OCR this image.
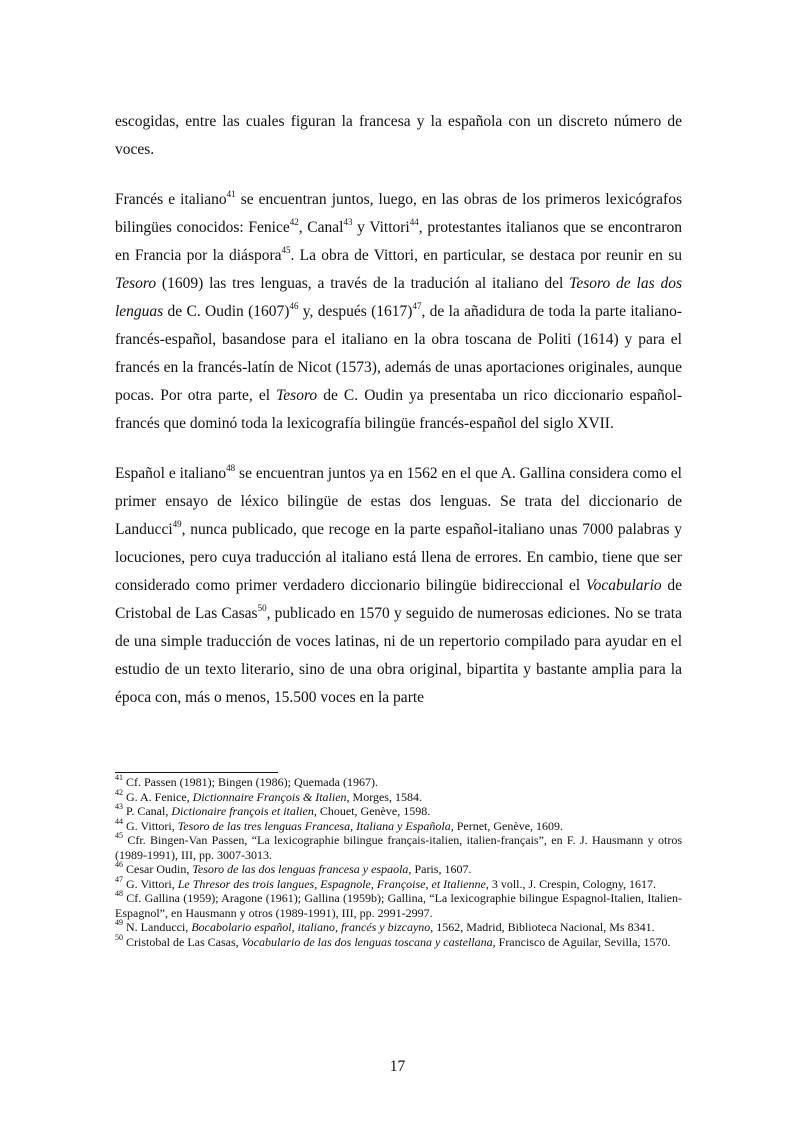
escogidas, entre las cuales figuran la francesa y la española con un discreto número de voces.

Francés e italiano$^{41}$ se encuentran juntos, luego, en las obras de los primeros lexicógrafos bilingües conocidos: Fenice$^{42}$, Canal$^{43}$ y Vittori$^{44}$, protestantes italianos que se encontraron en Francia por la diáspora$^{45}$. La obra de Vittori, en particular, se destaca por reunir en su Tesoro (1609) las tres lenguas, a través de la tradución al italiano del Tesoro de las dos lenguas de C. Oudin $(1607)^{46}$ y, después $(1617)^{47}$, de la añadidura de toda la parte italiano-francés-español, basandose para el italiano en la obra toscana de Politi (1614) y para el francés en la francés-latín de Nicot (1573), además de unas aportaciones originales, aunque pocas. Por otra parte, el Tesoro de C. Oudin ya presentaba un rico diccionario español-francés que dominó toda la lexicografía bilingüe francés-español del siglo XVII.

Español e italiano$^{48}$ se encuentran juntos ya en 1562 en el que A. Gallina considera como el primer ensayo de léxico bilingüe de estas dos lenguas. Se trata del diccionario de Landucci$^{49}$, nunca publicado, que recoge en la parte español-italiano unas 7000 palabras y locuciones, pero cuya traducción al italiano está llena de errores. En cambio, tiene que ser considerado como primer verdadero diccionario bilingüe bidireccional el Vocabulario de Cristobal de Las Casas$^{50}$, publicado en 1570 y seguido de numerosas ediciones. No se trata de una simple traducción de voces latinas, ni de un repertorio compilado para ayudar en el estudio de un texto literario, sino de una obra original, bipartita y bastante amplia para la época con, más o menos, 15.500 voces en la parte

$^{41}$ Cf. Passen (1981); Bingen (1986); Quemada (1967).

$^{42}$ G. A. Fenice, Dictionnaire François & Italien, Morges, 1584.

$^{43}$ P. Canal, Dictionaire françois et italien, Chouet, Genève, 1598.

$^{44}$ G. Vittori, Tesoro de las tres lenguas Francesa, Italiana y Española, Pernet, Genève, 1609.

$^{45}$ Cfr. Bingen-Van Passen, “La lexicographie bilingue français-italien, italien-français”, en F. J. Hausmann y otros (1989-1991), III, pp. 3007-3013.

$^{46}$ Cesar Oudin, Tesoro de las dos lenguas francesa y espaola, Paris, 1607.

$^{47}$ G. Vittori, Le Thresor des trois langues, Espagnole, Françoise, et Italienne, 3 voll., J. Crespin, Cologny, 1617.

$^{48}$ Cf. Gallina (1959); Aragone (1961); Gallina (1959b); Gallina, “La lexicographie bilingue Espagnol-Italien, Italien-Espagnol”, en Hausmann y otros (1989-1991), III, pp. 2991-2997.

$^{49}$ N. Landucci, Bocabolario español, italiano, francés y bizcayno, 1562, Madrid, Biblioteca Nacional, Ms 8341.

$^{50}$ Cristobal de Las Casas, Vocabulario de las dos lenguas toscana y castellana, Francisco de Aguilar, Sevilla, 1570.

17
